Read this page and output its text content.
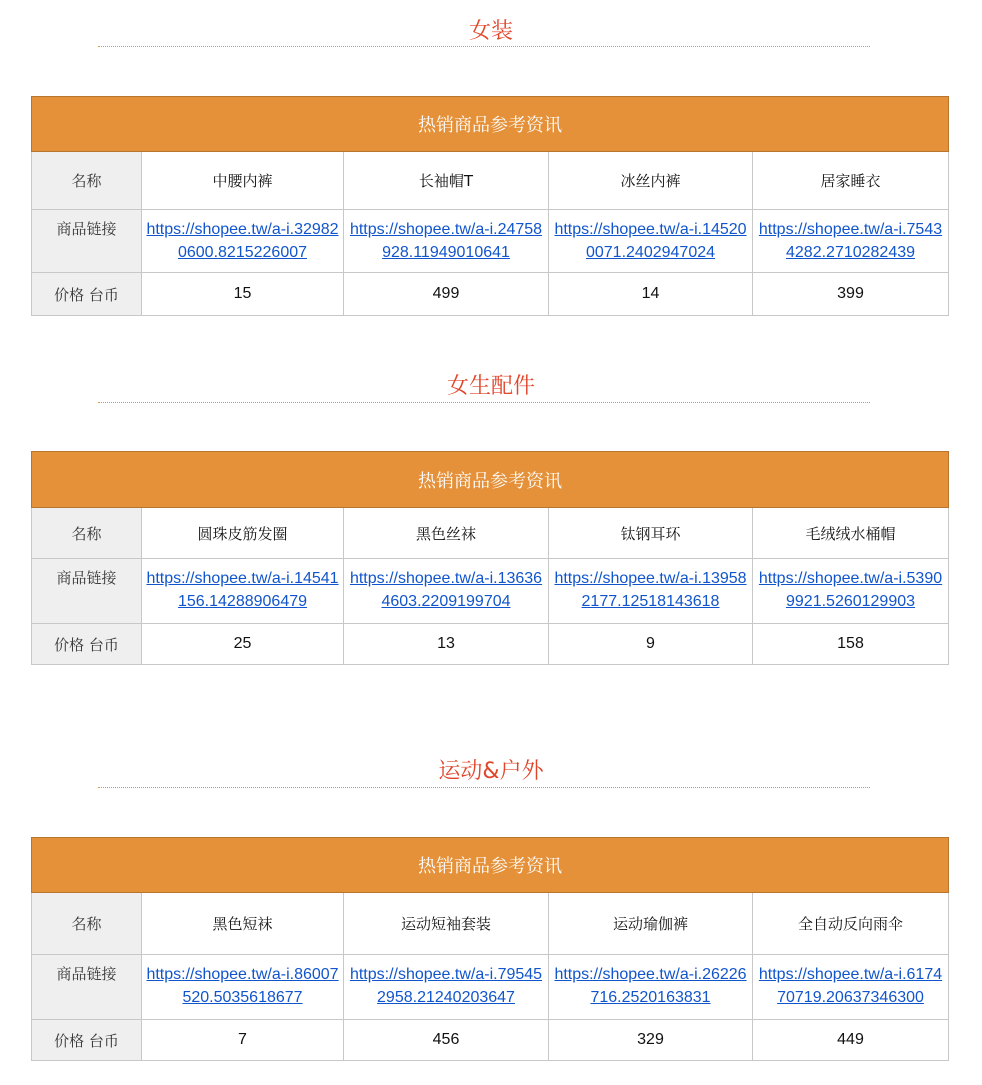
女装
热销商品参考资讯				
名称	中腰内裤	长袖帽T	冰丝内裤	居家睡衣
商品链接	https://shopee.tw/a-i.329820600.8215226007	https://shopee.tw/a-i.24758928.11949010641	https://shopee.tw/a-i.145200071.2402947024	https://shopee.tw/a-i.75434282.2710282439
价格 台币	15	499	14	399
女生配件
热销商品参考资讯				
名称	圆珠皮筋发圈	黑色丝袜	钛钢耳环	毛绒绒水桶帽
商品链接	https://shopee.tw/a-i.14541156.14288906479	https://shopee.tw/a-i.136364603.2209199704	https://shopee.tw/a-i.139582177.12518143618	https://shopee.tw/a-i.53909921.5260129903
价格 台币	25	13	9	158
运动&户外
热销商品参考资讯				
名称	黑色短袜	运动短袖套装	运动瑜伽裤	全自动反向雨伞
商品链接	https://shopee.tw/a-i.86007520.5035618677	https://shopee.tw/a-i.795452958.21240203647	https://shopee.tw/a-i.26226716.2520163831	https://shopee.tw/a-i.617470719.20637346300
价格 台币	7	456	329	449
